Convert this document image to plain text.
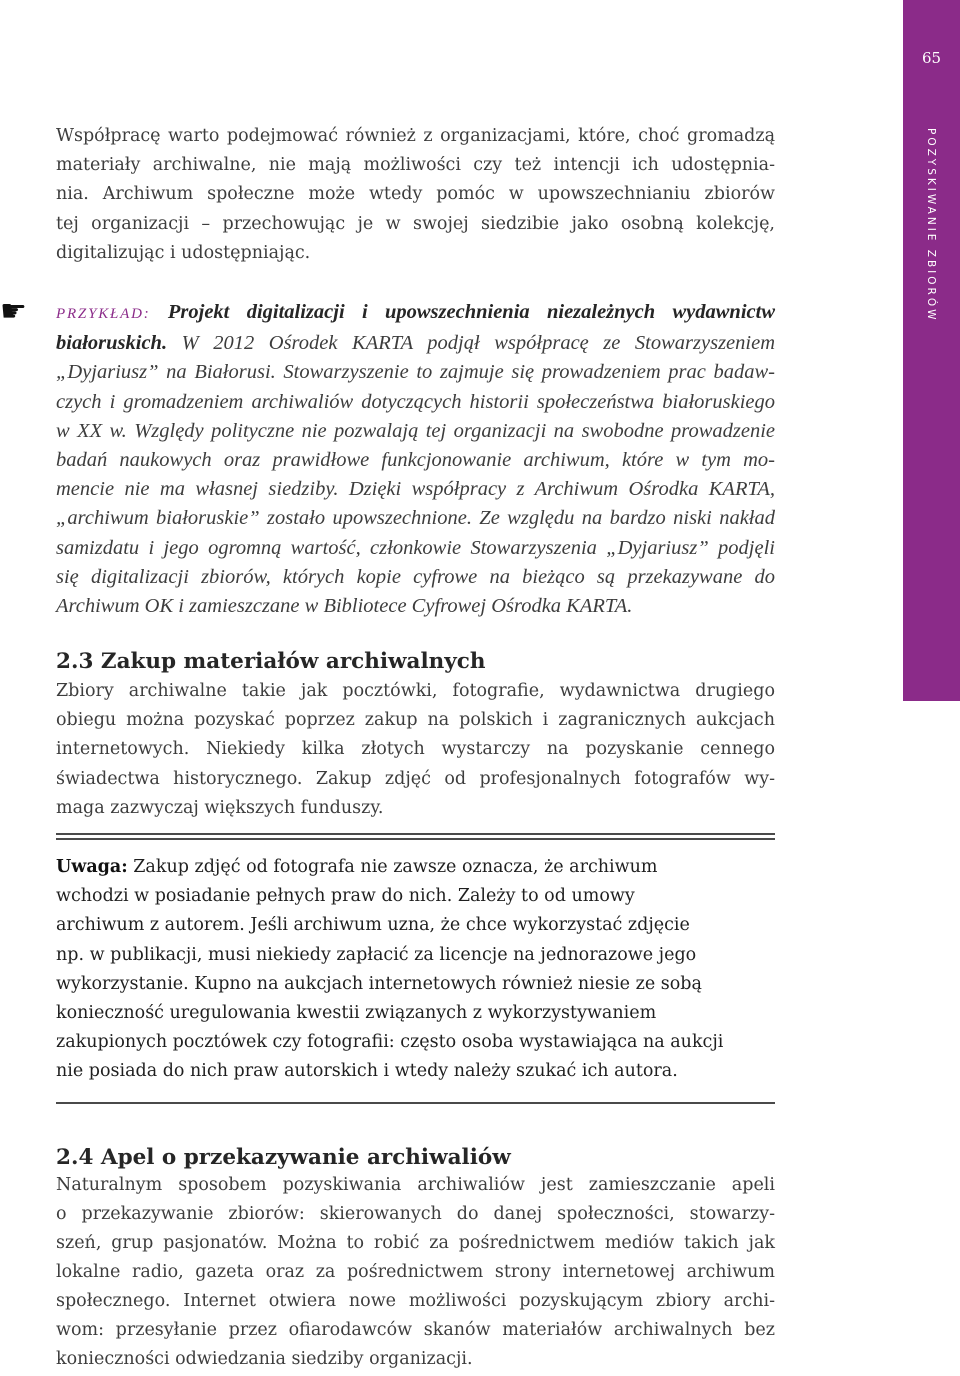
65
POZYSKIWANIE ZBIORÓW
Współpracę warto podejmować również z organizacjami, które, choć gromadzą
materiały archiwalne, nie mają możliwości czy też intencji ich udostępnia-
nia. Archiwum społeczne może wtedy pomóc w upowszechnianiu zbiorów
tej organizacji – przechowując je w swojej siedzibie jako osobną kolekcję,
digitalizując i udostępniając.
☛
PRZYKŁAD: Projekt digitalizacji i upowszechnienia niezależnych wydawnictw
białoruskich. W 2012 Ośrodek KARTA podjął współpracę ze Stowarzyszeniem
„Dyjariusz” na Białorusi. Stowarzyszenie to zajmuje się prowadzeniem prac badaw-
czych i gromadzeniem archiwaliów dotyczących historii społeczeństwa białoruskiego
w XX w. Względy polityczne nie pozwalają tej organizacji na swobodne prowadzenie
badań naukowych oraz prawidłowe funkcjonowanie archiwum, które w tym mo-
mencie nie ma własnej siedziby. Dzięki współpracy z Archiwum Ośrodka KARTA,
„archiwum białoruskie” zostało upowszechnione. Ze względu na bardzo niski nakład
samizdatu i jego ogromną wartość, członkowie Stowarzyszenia „Dyjariusz” podjęli
się digitalizacji zbiorów, których kopie cyfrowe na bieżąco są przekazywane do
Archiwum OK i zamieszczane w Bibliotece Cyfrowej Ośrodka KARTA.
2.3 Zakup materiałów archiwalnych
Zbiory archiwalne takie jak pocztówki, fotografie, wydawnictwa drugiego
obiegu można pozyskać poprzez zakup na polskich i zagranicznych aukcjach
internetowych. Niekiedy kilka złotych wystarczy na pozyskanie cennego
świadectwa historycznego. Zakup zdjęć od profesjonalnych fotografów wy-
maga zazwyczaj większych funduszy.
Uwaga: Zakup zdjęć od fotografa nie zawsze oznacza, że archiwum
wchodzi w posiadanie pełnych praw do nich. Zależy to od umowy
archiwum z autorem. Jeśli archiwum uzna, że chce wykorzystać zdjęcie
np. w publikacji, musi niekiedy zapłacić za licencje na jednorazowe jego
wykorzystanie. Kupno na aukcjach internetowych również niesie ze sobą
konieczność uregulowania kwestii związanych z wykorzystywaniem
zakupionych pocztówek czy fotografii: często osoba wystawiająca na aukcji
nie posiada do nich praw autorskich i wtedy należy szukać ich autora.
2.4 Apel o przekazywanie archiwaliów
Naturalnym sposobem pozyskiwania archiwaliów jest zamieszczanie apeli
o przekazywanie zbiorów: skierowanych do danej społeczności, stowarzy-
szeń, grup pasjonatów. Można to robić za pośrednictwem mediów takich jak
lokalne radio, gazeta oraz za pośrednictwem strony internetowej archiwum
społecznego. Internet otwiera nowe możliwości pozyskującym zbiory archi-
wom: przesyłanie przez ofiarodawców skanów materiałów archiwalnych bez
konieczności odwiedzania siedziby organizacji.
